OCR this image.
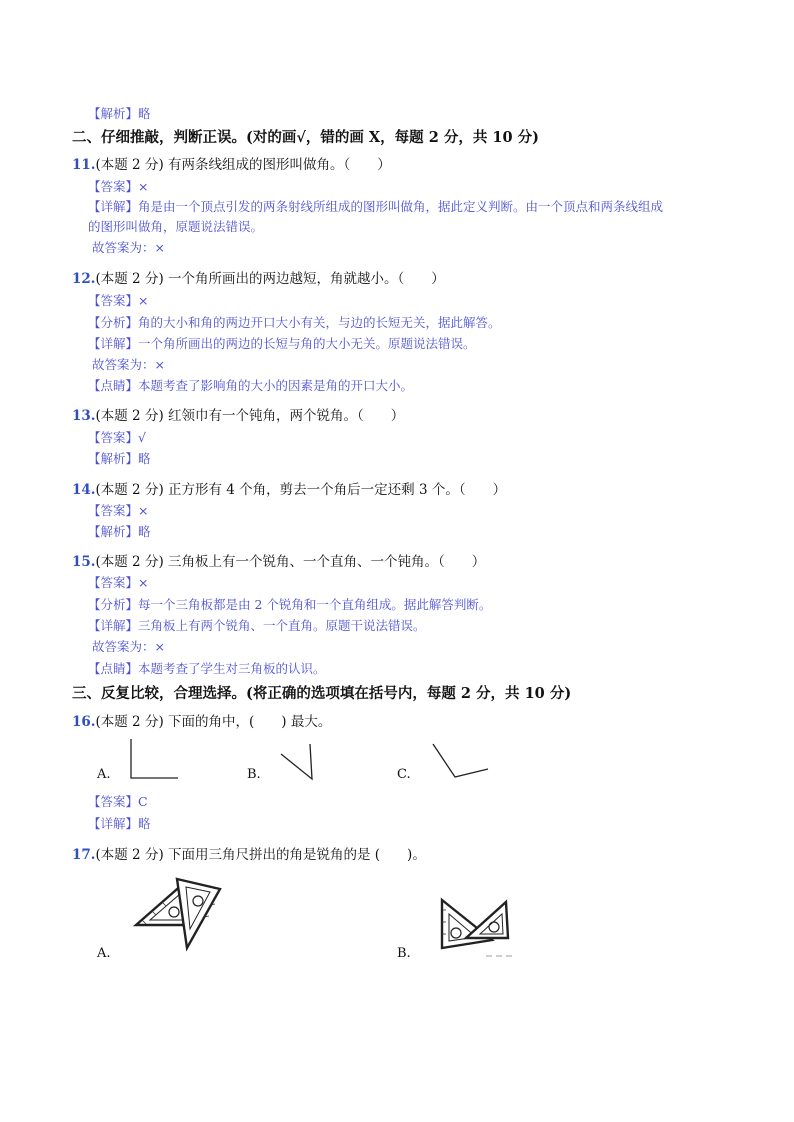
【解析】略
二、仔细推敲，判断正误。(对的画√，错的画 X，每题 2 分，共 10 分)
11.(本题 2 分) 有两条线组成的图形叫做角。（　　）
【答案】×
【详解】角是由一个顶点引发的两条射线所组成的图形叫做角，据此定义判断。由一个顶点和两条线组成
的图形叫做角，原题说法错误。
故答案为：×
12.(本题 2 分) 一个角所画出的两边越短，角就越小。（　　）
【答案】×
【分析】角的大小和角的两边开口大小有关，与边的长短无关，据此解答。
【详解】一个角所画出的两边的长短与角的大小无关。原题说法错误。
故答案为：×
【点睛】本题考查了影响角的大小的因素是角的开口大小。
13.(本题 2 分) 红领巾有一个钝角，两个锐角。（　　）
【答案】√
【解析】略
14.(本题 2 分) 正方形有 4 个角，剪去一个角后一定还剩 3 个。（　　）
【答案】×
【解析】略
15.(本题 2 分) 三角板上有一个锐角、一个直角、一个钝角。（　　）
【答案】×
【分析】每一个三角板都是由 2 个锐角和一个直角组成。据此解答判断。
【详解】三角板上有两个锐角、一个直角。原题干说法错误。
故答案为：×
【点睛】本题考查了学生对三角板的认识。
三、反复比较，合理选择。(将正确的选项填在括号内，每题 2 分，共 10 分)
16.(本题 2 分) 下面的角中，(　　) 最大。
A.	B.	C.
【答案】C
【详解】略
17.(本题 2 分) 下面用三角尺拼出的角是锐角的是 (　　)。
A.	B.
